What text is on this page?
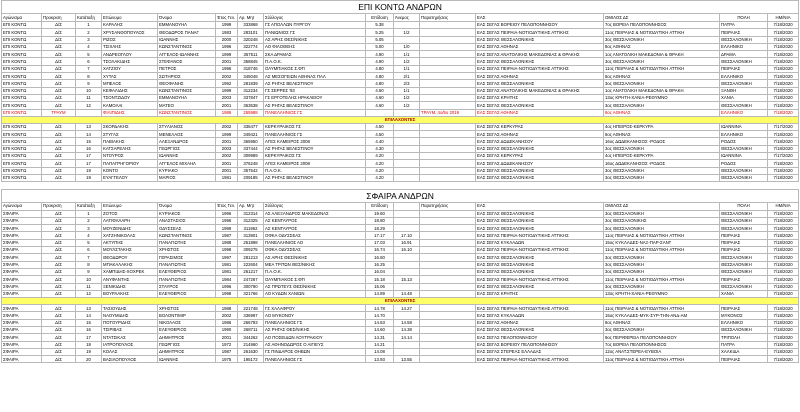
ΕΠΙ ΚΟΝΤΩ ΑΝΔΡΩΝ														
Αγώνισμα	Προκριση	Κατάταξη	Επώνυμο	Όνομα	Έτος Γεν.	Αρ. Μητ	Σύλλογος	Επίδοση	Άνεμος	Παρατηρήσεις	ΕΑΣ	ΟΜΙΛΟΣ ΔΣ	ΠΟΛΗ	ΗΜ/ΝΙΑ
ΕΠΙ ΚΟΝΤΩ	Δ/Σ	1	ΚΑΡΑΛΗΣ	ΕΜΜΑΝΟΥΗΛ	1999	333868	ΓΣ ΑΠΟΛΛΩΝ ΠΥΡΓΟΥ	5.38			ΕΑΣ ΣΕΓΑΣ ΒΟΡΕΙΟΥ ΠΕΛΟΠΟΝΝΗΣΟΥ	7ος ΒΟΡΕΙΑ ΠΕΛΟΠΟΝΝΗΣΟΣ	ΠΑΤΡΑ	7/18/2020
ΕΠΙ ΚΟΝΤΩ	Δ/Σ	2	ΧΡΥΣΑΝΘΟΠΟΥΛΟΣ	ΘΕΟΔΩΡΟΣ ΠΑΝΑΓ	1983	283101	ΠΑΝΙΩΝΙΟΣ ΓΣ	5.25	1/2		ΕΑΣ ΣΕΓΑΣ ΠΕΙΡΑΙΑ-ΝΟΤΙΟΔΥΤΙΚΗΣ ΑΤΤΙΚΗΣ	11ος ΠΕΙΡΑΙΑΣ & ΝΟΤΙΟΔΥΤΙΚΗ ΑΤΤΙΚΗ	ΠΕΙΡΑΙΑΣ	7/18/2020
ΕΠΙ ΚΟΝΤΩ	Δ/Σ	3	ΡΙΖΟΣ	ΙΩΑΝΝΗΣ	2000	320248	ΑΣ ΑΡΗΣ ΘΕΣ/ΝΙΚΗΣ	5.05			ΕΑΣ ΣΕΓΑΣ ΘΕΣΣΑΛΟΝΙΚΗΣ	3ος ΘΕΣΣΑΛΟΝΙΚΗ	ΘΕΣΣΑΛΟΝΙΚΗ	7/18/2020
ΕΠΙ ΚΟΝΤΩ	Δ/Σ	4	ΤΣΙΧΛΗΣ	ΚΩΝΣΤΑΝΤΙΝΟΣ	1996	322774	ΑΟ ΦΙΛΟΘΕΗΣ	5.00	1/0		ΕΑΣ ΣΕΓΑΣ ΑΘΗΝΑΣ	8ος ΑΘΗΝΑΣ	ΕΛΛΗΝΙΚΟ	7/18/2020
ΕΠΙ ΚΟΝΤΩ	Δ/Σ	5	ΑΝΔΡΕΟΓΛΟΥ	ΑΓΓΕΛΟΣ-ΙΩΑΝΝΗΣ	1999	357511	ΣΚΑ ΔΡΑΜΑΣ	4.90	1/1		ΕΑΣ ΣΕΓΑΣ ΑΝΑΤΟΛΙΚΗΣ ΜΑΚΕΔΟΝΙΑΣ & ΘΡΑΚΗΣ	1ος ΑΝΑΤΟΛΙΚΗ ΜΑΚΕΔΟΝΙΑ & ΘΡΑΚΗ	ΔΡΑΜΑ	7/18/2020
ΕΠΙ ΚΟΝΤΩ	Δ/Σ	6	ΤΣΟΛΑΚΙΔΗΣ	ΣΤΕΦΑΝΟΣ	2001	358845	Π.Α.Ο.Κ.	4.90	1/2		ΕΑΣ ΣΕΓΑΣ ΘΕΣΣΑΛΟΝΙΚΗΣ	3ος ΘΕΣΣΑΛΟΝΙΚΗ	ΘΕΣΣΑΛΟΝΙΚΗ	7/18/2020
ΕΠΙ ΚΟΝΤΩ	Δ/Σ	7	ΧΑΤΖΙΟΥ	ΠΕΤΡΟΣ	1996	318746	ΟΛΥΜΠΙΑΚΟΣ Σ.ΦΠ	4.80	1/1		ΕΑΣ ΣΕΓΑΣ ΠΕΙΡΑΙΑ-ΝΟΤΙΟΔΥΤΙΚΗΣ ΑΤΤΙΚΗΣ	11ος ΠΕΙΡΑΙΑΣ & ΝΟΤΙΟΔΥΤΙΚΗ ΑΤΤΙΚΗ	ΠΕΙΡΑΙΑΣ	7/18/2020
ΕΠΙ ΚΟΝΤΩ	Δ/Σ	8	ΧΥΤΑΣ	ΣΩΤΗΡΙΟΣ	2002	345048	ΑΣ ΜΕΣΟΓΕΙΩΝ ΑΘΗΝΑΣ ΠΑΛ	4.80	2/1		ΕΑΣ ΣΕΓΑΣ ΑΘΗΝΑΣ	8ος ΑΘΗΝΑΣ	ΕΛΛΗΝΙΚΟ	7/18/2020
ΕΠΙ ΚΟΝΤΩ	Δ/Σ	9	ΜΠΕΛΟΣ	ΘΕΟΦΑΝΗΣ	1992	281839	ΑΣ ΡΗΓΑΣ ΒΕΛΕΣΤΙΝΟΥ	4.80	2/3		ΕΑΣ ΣΕΓΑΣ ΘΕΣΣΑΛΟΝΙΚΗΣ	3ος ΘΕΣΣΑΛΟΝΙΚΗ	ΘΕΣΣΑΛΟΝΙΚΗ	7/18/2020
ΕΠΙ ΚΟΝΤΩ	Δ/Σ	10	ΚΕΦΑΛΙΔΗΣ	ΚΩΝΣΤΑΝΤΙΝΟΣ	1999	312234	ΓΣ ΣΕΡΡΕΣ '93	4.60	1/1		ΕΑΣ ΣΕΓΑΣ ΑΝΑΤΟΛΙΚΗΣ ΜΑΚΕΔΟΝΙΑΣ & ΘΡΑΚΗΣ	1ος ΑΝΑΤΟΛΙΚΗ ΜΑΚΕΔΟΝΙΑ & ΘΡΑΚΗ	ΞΑΝΘΗ	7/18/2020
ΕΠΙ ΚΟΝΤΩ	Δ/Σ	11	ΤΣΟΝΤΖΙΔΟΥ	ΕΜΜΑΝΟΥΗΛ	2003	337847	ΓΣ ΕΡΓΟΤΕΛΗΣ ΗΡΑΚΛΕΙΟΥ	4.60	1/2		ΕΑΣ ΣΕΓΑΣ ΚΡΗΤΗΣ	13ος ΚΡΗΤΗ-ΧΑΝΙΑ-ΡΕΘΥΜΝΟ	ΧΑΝΙΑ	7/18/2020
ΕΠΙ ΚΟΝΤΩ	Δ/Σ	12	ΚΑΜΟΛΑΙ	ΜΑΤΕΟ	2001	363538	ΑΣ ΡΗΓΑΣ ΒΕΛΕΣΤΙΝΟΥ	4.60	1/2		ΕΑΣ ΣΕΓΑΣ ΘΕΣΣΑΛΟΝΙΚΗΣ	3ος ΘΕΣΣΑΛΟΝΙΚΗ	ΘΕΣΣΑΛΟΝΙΚΗ	7/18/2020
ΕΠΙ ΚΟΝΤΩ	ΤΡΑΥΜ		ΦΙΛΙΠΙΔΗΣ	ΚΩΝΣΤΑΝΤΙΝΟΣ	1986	255988	ΠΑΝΕΛΛΗΝΙΟΣ ΓΣ			ΤΡΑΥΜ. 4ο/5ο 2019	ΕΑΣ ΣΕΓΑΣ ΑΘΗΝΑΣ	8ος ΑΘΗΝΑΣ	ΕΛΛΗΝΙΚΟ	7/18/2020
ΕΠΙΛΑΧΟΝΤΕΣ														
ΕΠΙ ΚΟΝΤΩ	Δ/Σ	13	ΣΚΟΡΔΑΚΗΣ	ΣΤΥΛΙΑΝΟΣ	2002	336477	ΚΕΡΚΥΡΑΙΚΟΣ ΓΣ	4.50			ΕΑΣ ΣΕΓΑΣ ΚΕΡΚΥΡΑΣ	4ος ΗΠΕΙΡΟΣ-ΚΕΡΚΥΡΑ	ΙΩΑΝΝΙΝΑ	7/17/2020
ΕΠΙ ΚΟΝΤΩ	Δ/Σ	14	ΣΤΥΓΑΣ	ΜΕΝΕΛΑΟΣ	1999	349421	ΠΑΝΕΛΛΗΝΙΟΣ ΓΣ	4.50			ΕΑΣ ΣΕΓΑΣ ΑΘΗΝΑΣ	8ος ΑΘΗΝΑΣ	ΕΛΛΗΝΙΚΟ	7/18/2020
ΕΠΙ ΚΟΝΤΩ	Δ/Σ	15	ΠΑΒΙΑΚΗΣ	ΑΛΕΞΑΝΔΡΟΣ	2001	365950	ΑΓΕΣ ΚΑΜΕΙΡΟΣ 2008	4.40			ΕΑΣ ΣΕΓΑΣ ΔΩΔΕΚΑΝΗΣΟΥ	16ος ΔΩΔΕΚΑΝΗΣΟΣ -ΡΟΔΟΣ	ΡΟΔΟΣ	7/18/2020
ΕΠΙ ΚΟΝΤΩ	Δ/Σ	16	ΚΑΤΣΑΡΕΛΗΣ	ΓΕΩΡΓΙΟΣ	2003	337444	ΑΣ ΡΗΓΑΣ ΒΕΛΕΣΤΙΝΟΥ	4.30			ΕΑΣ ΣΕΓΑΣ ΘΕΣΣΑΛΟΝΙΚΗΣ	3ος ΘΕΣΣΑΛΟΝΙΚΗ	ΘΕΣΣΑΛΟΝΙΚΗ	7/18/2020
ΕΠΙ ΚΟΝΤΩ	Δ/Σ	17	ΝΤΟΥΡΟΣ	ΙΩΑΝΝΗΣ	2002	309989	ΚΕΡΚΥΡΑΙΚΟΣ ΓΣ	4.20			ΕΑΣ ΣΕΓΑΣ ΚΕΡΚΥΡΑΣ	4ος ΗΠΕΙΡΟΣ-ΚΕΡΚΥΡΑ	ΙΩΑΝΝΙΝΑ	7/17/2020
ΕΠΙ ΚΟΝΤΩ	Δ/Σ	17	ΠΑΠΑΓΡΗΓΟΡΙΟΥ	ΑΓΓΕΛΟΣ ΜΙΧΑΗΛ	2001	376248	ΑΓΕΣ ΚΑΜΕΙΡΟΣ 2008	4.20			ΕΑΣ ΣΕΓΑΣ ΔΩΔΕΚΑΝΗΣΟΥ	16ος ΔΩΔΕΚΑΝΗΣΟΣ -ΡΟΔΟΣ	ΡΟΔΟΣ	7/18/2020
ΕΠΙ ΚΟΝΤΩ	Δ/Σ	19	ΚΟΝΤΟ	ΚΥΡΙΑΚΟ	2001	357542	Π.Α.Ο.Κ.	4.20			ΕΑΣ ΣΕΓΑΣ ΘΕΣΣΑΛΟΝΙΚΗΣ	3ος ΘΕΣΣΑΛΟΝΙΚΗ	ΘΕΣΣΑΛΟΝΙΚΗ	7/18/2020
ΕΠΙ ΚΟΝΤΩ	Δ/Σ	19	ΕΥΑΓΓΕΛΟΥ	ΜΑΡΙΟΣ	1981	209185	ΑΣ ΡΗΓΑΣ ΒΕΛΕΣΤΙΝΟΥ	4.20			ΕΑΣ ΣΕΓΑΣ ΘΕΣΣΑΛΟΝΙΚΗΣ	3ος ΘΕΣΣΑΛΟΝΙΚΗ	ΘΕΣΣΑΛΟΝΙΚΗ	7/18/2020

ΣΦΑΙΡΑ ΑΝΔΡΩΝ														
Αγώνισμα	Προκριση	Κατάταξη	Επώνυμο	Όνομα	Έτος Γεν.	Αρ. Μητ	Σύλλογος	Επίδοση		Παρατηρήσεις	ΕΑΣ	ΟΜΙΛΟΣ ΔΣ	ΠΟΛΗ	ΗΜ/ΝΙΑ
ΣΦΑΙΡΑ	Δ/Σ	1	ΖΟΤΟΣ	ΚΥΡΙΑΚΟΣ	1996	312314	ΑΣ ΑΛΕΞΑΝΔΡΟΣ ΜΑΚΕΔΟΝΑΣ	19.60			ΕΑΣ ΣΕΓΑΣ ΘΕΣΣΑΛΟΝΙΚΗΣ	3ος ΘΕΣΣΑΛΟΝΙΚΗ	ΘΕΣΣΑΛΟΝΙΚΗ	7/18/2020
ΣΦΑΙΡΑ	Δ/Σ	2	ΛΑΤΙΦΛΛΑΡΗ	ΑΝΑΣΤΑΣΙΟΣ	1996	312325	ΑΣ ΚΕΝΤΑΥΡΟΣ	18.80			ΕΑΣ ΣΕΓΑΣ ΘΕΣΣΑΛΟΝΙΚΗΣ	3ος ΘΕΣΣΑΛΟΝΙΚΗΣ	ΘΕΣΣΑΛΟΝΙΚΗ	7/18/2020
ΣΦΑΙΡΑ	Δ/Σ	3	ΜΟΥΖΕΝΙΔΗΣ	ΟΔΥΣΣΕΑΣ	1999	311962	ΑΣ ΚΕΝΤΑΥΡΟΣ	18.29			ΕΑΣ ΣΕΓΑΣ ΘΕΣΣΑΛΟΝΙΚΗΣ	3ος ΘΕΣΣΑΛΟΝΙΚΗ	ΘΕΣΣΑΛΟΝΙΚΗ	7/18/2020
ΣΦΑΙΡΑ	Δ/Σ	4	ΧΑΤΖΗΝΙΚΟΛΑΣ	ΚΩΝΣΤΑΝΤΙΝΟΣ	1987	313901	ΟΦΚΑ ΟΔΥΣΣΕΑΣ	17.17	17.10		ΕΑΣ ΣΕΓΑΣ ΠΕΙΡΑΙΑ-ΝΟΤΙΟΔΥΤΙΚΗΣ ΑΤΤΙΚΗΣ	11ος ΠΕΙΡΑΙΑΣ & ΝΟΤΙΟΔΥΤΙΚΗ ΑΤΤΙΚΗ	ΠΕΙΡΑΙΑΣ	7/18/2020
ΣΦΑΙΡΑ	Δ/Σ	5	ΑΚΤΥΠΗΣ	ΠΑΝΑΓΙΩΤΗΣ	1988	251898	ΠΑΝΕΛΛΗΝΙΟΣ ΑΟ	17.03	16.91		ΕΑΣ ΣΕΓΑΣ ΚΥΚΛΑΔΩΝ	15ος ΚΥΚΛΑΔΕΣ-ΝΑΞ-ΠΑΡ-ΣΑΝΤ	ΠΕΙΡΑΙΑΣ	7/18/2020
ΣΦΑΙΡΑ	Δ/Σ	6	ΜΟΥΛΣΤΑΚΗΣ	ΧΡΗΣΤΟΣ	1998	309275	ΟΦΚΑ ΟΔΥΣΣΕΑΣ	16.74	16.10		ΕΑΣ ΣΕΓΑΣ ΠΕΙΡΑΙΑ-ΝΟΤΙΟΔΥΤΙΚΗΣ ΑΤΤΙΚΗΣ	11ος ΠΕΙΡΑΙΑΣ & ΝΟΤΙΟΔΥΤΙΚΗ ΑΤΤΙΚΗ	ΠΕΙΡΑΙΑΣ	7/18/2020
ΣΦΑΙΡΑ	Δ/Σ	7	ΘΕΟΔΩΡΟΥ	ΓΕΡΑΣΙΜΟΣ	1997	281213	ΑΣ ΑΡΗΣ ΘΕΣ/ΝΙΚΗΣ	16.50			ΕΑΣ ΣΕΓΑΣ ΘΕΣΣΑΛΟΝΙΚΗΣ	3ος ΘΕΣΣΑΛΟΝΙΚΗ	ΘΕΣΣΑΛΟΝΙΚΗ	7/18/2020
ΣΦΑΙΡΑ	Δ/Σ	8	ΜΠΑΚΑΛΑΚΗΣ	ΠΑΝΑΓΙΩΤΗΣ	1981	222604	ΜΕΑ ΤΡΙΤΩΝ ΘΕΣ/ΝΙΚΗΣ	16.25			ΕΑΣ ΣΕΓΑΣ ΘΕΣΣΑΛΟΝΙΚΗΣ	3ος ΘΕΣΣΑΛΟΝΙΚΗ	ΘΕΣΣΑΛΟΝΙΚΗ	7/18/2020
ΣΦΑΙΡΑ	Δ/Σ	9	ΧΑΜΠΙΔΗΣ-ΧΟΧΡΕΚ	ΕΛΕΥΘΕΡΙΟΣ	1981	261217	Π.Α.Ο.Κ.	16.04			ΕΑΣ ΣΕΓΑΣ ΘΕΣΣΑΛΟΝΙΚΗΣ	3ος ΘΕΣΣΑΛΟΝΙΚΗ	ΘΕΣΣΑΛΟΝΙΚΗ	7/18/2020
ΣΦΑΙΡΑ	Δ/Σ	10	ΑΝΥΦΑΝΤΗΣ	ΠΑΝΑΓΙΩΤΗΣ	1984	247267	ΟΛΥΜΠΙΑΚΟΣ Σ.ΦΠ	15.18	15.13		ΕΑΣ ΣΕΓΑΣ ΠΕΙΡΑΙΑ-ΝΟΤΙΟΔΥΤΙΚΗΣ ΑΤΤΙΚΗΣ	11ος ΠΕΙΡΑΙΑΣ & ΝΟΤΙΟΔΥΤΙΚΗ ΑΤΤΙΚΗ	ΠΕΙΡΑΙΑΣ	7/18/2020
ΣΦΑΙΡΑ	Δ/Σ	11	ΞΕΝΙΚΙΔΗΣ	ΣΤΑΥΡΟΣ	1996	300790	ΑΣ ΠΡΩΤΕΥΣ ΘΕΣ/ΝΙΚΗΣ	15.06			ΕΑΣ ΣΕΓΑΣ ΘΕΣΣΑΛΟΝΙΚΗΣ	3ος ΘΕΣΣΑΛΟΝΙΚΗ	ΘΕΣΣΑΛΟΝΙΚΗ	7/18/2020
ΣΦΑΙΡΑ	Δ/Σ	12	ΒΟΥΡΛΑΚΗΣ	ΕΛΕΥΘΕΡΙΟΣ	1998	321766	ΑΟ ΚΥΔΩΝ ΧΑΝΙΩΝ	14.89	14.48		ΕΑΣ ΣΕΓΑΣ ΚΡΗΤΗΣ	13ος ΚΡΗΤΗ-ΧΑΝΙΑ-ΡΕΘΥΜΝΟ	ΧΑΝΙΑ	7/18/2020
ΕΠΙΛΑΧΟΝΤΕΣ														
ΣΦΑΙΡΑ	Δ/Σ	13	ΤΑΣΙΟΥΔΗΣ	ΧΡΗΣΤΟΣ	1988	221748	ΓΣ ΧΑΛΑΦΡΟΥ	14.78	14.27		ΕΑΣ ΣΕΓΑΣ ΠΕΙΡΑΙΑ-ΝΟΤΙΟΔΥΤΙΚΗΣ ΑΤΤΙΚΗΣ	11ος ΠΕΙΡΑΙΑΣ & ΝΟΤΙΟΔΥΤΙΚΗ ΑΤΤΙΚΗ	ΠΕΙΡΑΙΑΣ	7/18/2020
ΣΦΑΙΡΑ	Δ/Σ	14	ΝΑΟΥΜΙΔΗΣ	ΒΟΛΟΝΤΙΜΙΡ	2002	336997	ΑΟ ΜΥΚΟΝΟΥ	14.70			ΕΑΣ ΣΕΓΑΣ ΚΥΚΛΑΔΩΝ	15ος ΚΥΚΛΑΔΕΣ-ΜΥΚ-ΣΥΡ-ΤΗΝ-ΑΝΔ-ΑΜ	ΜΥΚΟΝΟΣ	7/18/2020
ΣΦΑΙΡΑ	Δ/Σ	15	ΠΟΤΟΥΡΙΔΗΣ	ΝΙΚΟΛΑΟΣ	1986	266793	ΠΑΝΕΛΛΗΝΙΟΣ ΓΣ	14.63	14.58		ΕΑΣ ΣΕΓΑΣ ΑΘΗΝΑΣ	8ος ΑΘΗΝΑΣ	ΕΛΛΗΝΙΚΟ	7/18/2020
ΣΦΑΙΡΑ	Δ/Σ	16	ΤΣΙΡΙΒΑΣ	ΕΛΕΥΘΕΡΙΟΣ	1990	268711	ΑΣ ΡΗΓΑΣ ΘΕΣ/ΝΙΚΗΣ	14.60	14.38		ΕΑΣ ΣΕΓΑΣ ΘΕΣΣΑΛΟΝΙΚΗΣ	3ος ΘΕΣΣΑΛΟΝΙΚΗ	ΘΕΣΣΑΛΟΝΙΚΗ	7/18/2020
ΣΦΑΙΡΑ	Δ/Σ	17	ΝΤΑΤΣΙΚΑΣ	ΔΗΜΗΤΡΙΟΣ	2001	344262	ΑΟ ΠΟΣΕΙΔΩΝ ΛΟΥΤΡΑΚΙΟΥ	14.31	14.14		ΕΑΣ ΣΕΓΑΣ ΠΕΛΟΠΟΝΝΗΣΟΥ	9ος ΠΕΡΙΦΕΡΕΙΑ ΠΕΛΟΠΟΝΝΗΣΟΥ	ΤΡΙΠΟΛΗ	7/18/2020
ΣΦΑΙΡΑ	Δ/Σ	18	ΙΑΤΡΟΠΟΥΛΟΣ	ΓΕΩΡΓΙΟΣ	1972	214960	ΑΣ ΑΘΗΝΟΔΩΡΟΣ Ο ΑΙΓΙΕΥΣ	14.21			ΕΑΣ ΣΕΓΑΣ ΒΟΡΕΙΟΥ ΠΕΛΟΠΟΝΝΗΣΟΥ	7ος ΒΟΡΕΙΑ ΠΕΛΟΠΟΝΝΗΣΟΣ	ΠΑΤΡΑ	7/18/2020
ΣΦΑΙΡΑ	Δ/Σ	19	ΚΟΛΑΣ	ΔΗΜΗΤΡΙΟΣ	1987	261630	ΓΣ ΠΙΝΔΑΡΟΣ ΘΗΒΩΝ	14.08			ΕΑΣ ΣΕΓΑΣ ΣΤΕΡΕΑΣ ΕΛΛΑΔΑΣ	12ος ΑΝΑΤ.ΣΤΕΡΕΑ-ΕΥΒΟΙΑ	ΧΑΛΚΙΔΑ	7/18/2020
ΣΦΑΙΡΑ	Δ/Σ	20	ΒΑΣΙΛΟΠΟΥΛΟΣ	ΙΩΑΝΝΗΣ	1975	195172	ΠΑΝΕΛΛΗΝΙΟΣ ΓΣ	13.93	13.55		ΕΑΣ ΣΕΓΑΣ ΠΕΙΡΑΙΑ-ΝΟΤΙΟΔΥΤΙΚΗΣ ΑΤΤΙΚΗΣ	11ος ΠΕΙΡΑΙΑΣ & ΝΟΤΙΟΔΥΤΙΚΗ ΑΤΤΙΚΗ	ΠΕΙΡΑΙΑΣ	7/18/2020
